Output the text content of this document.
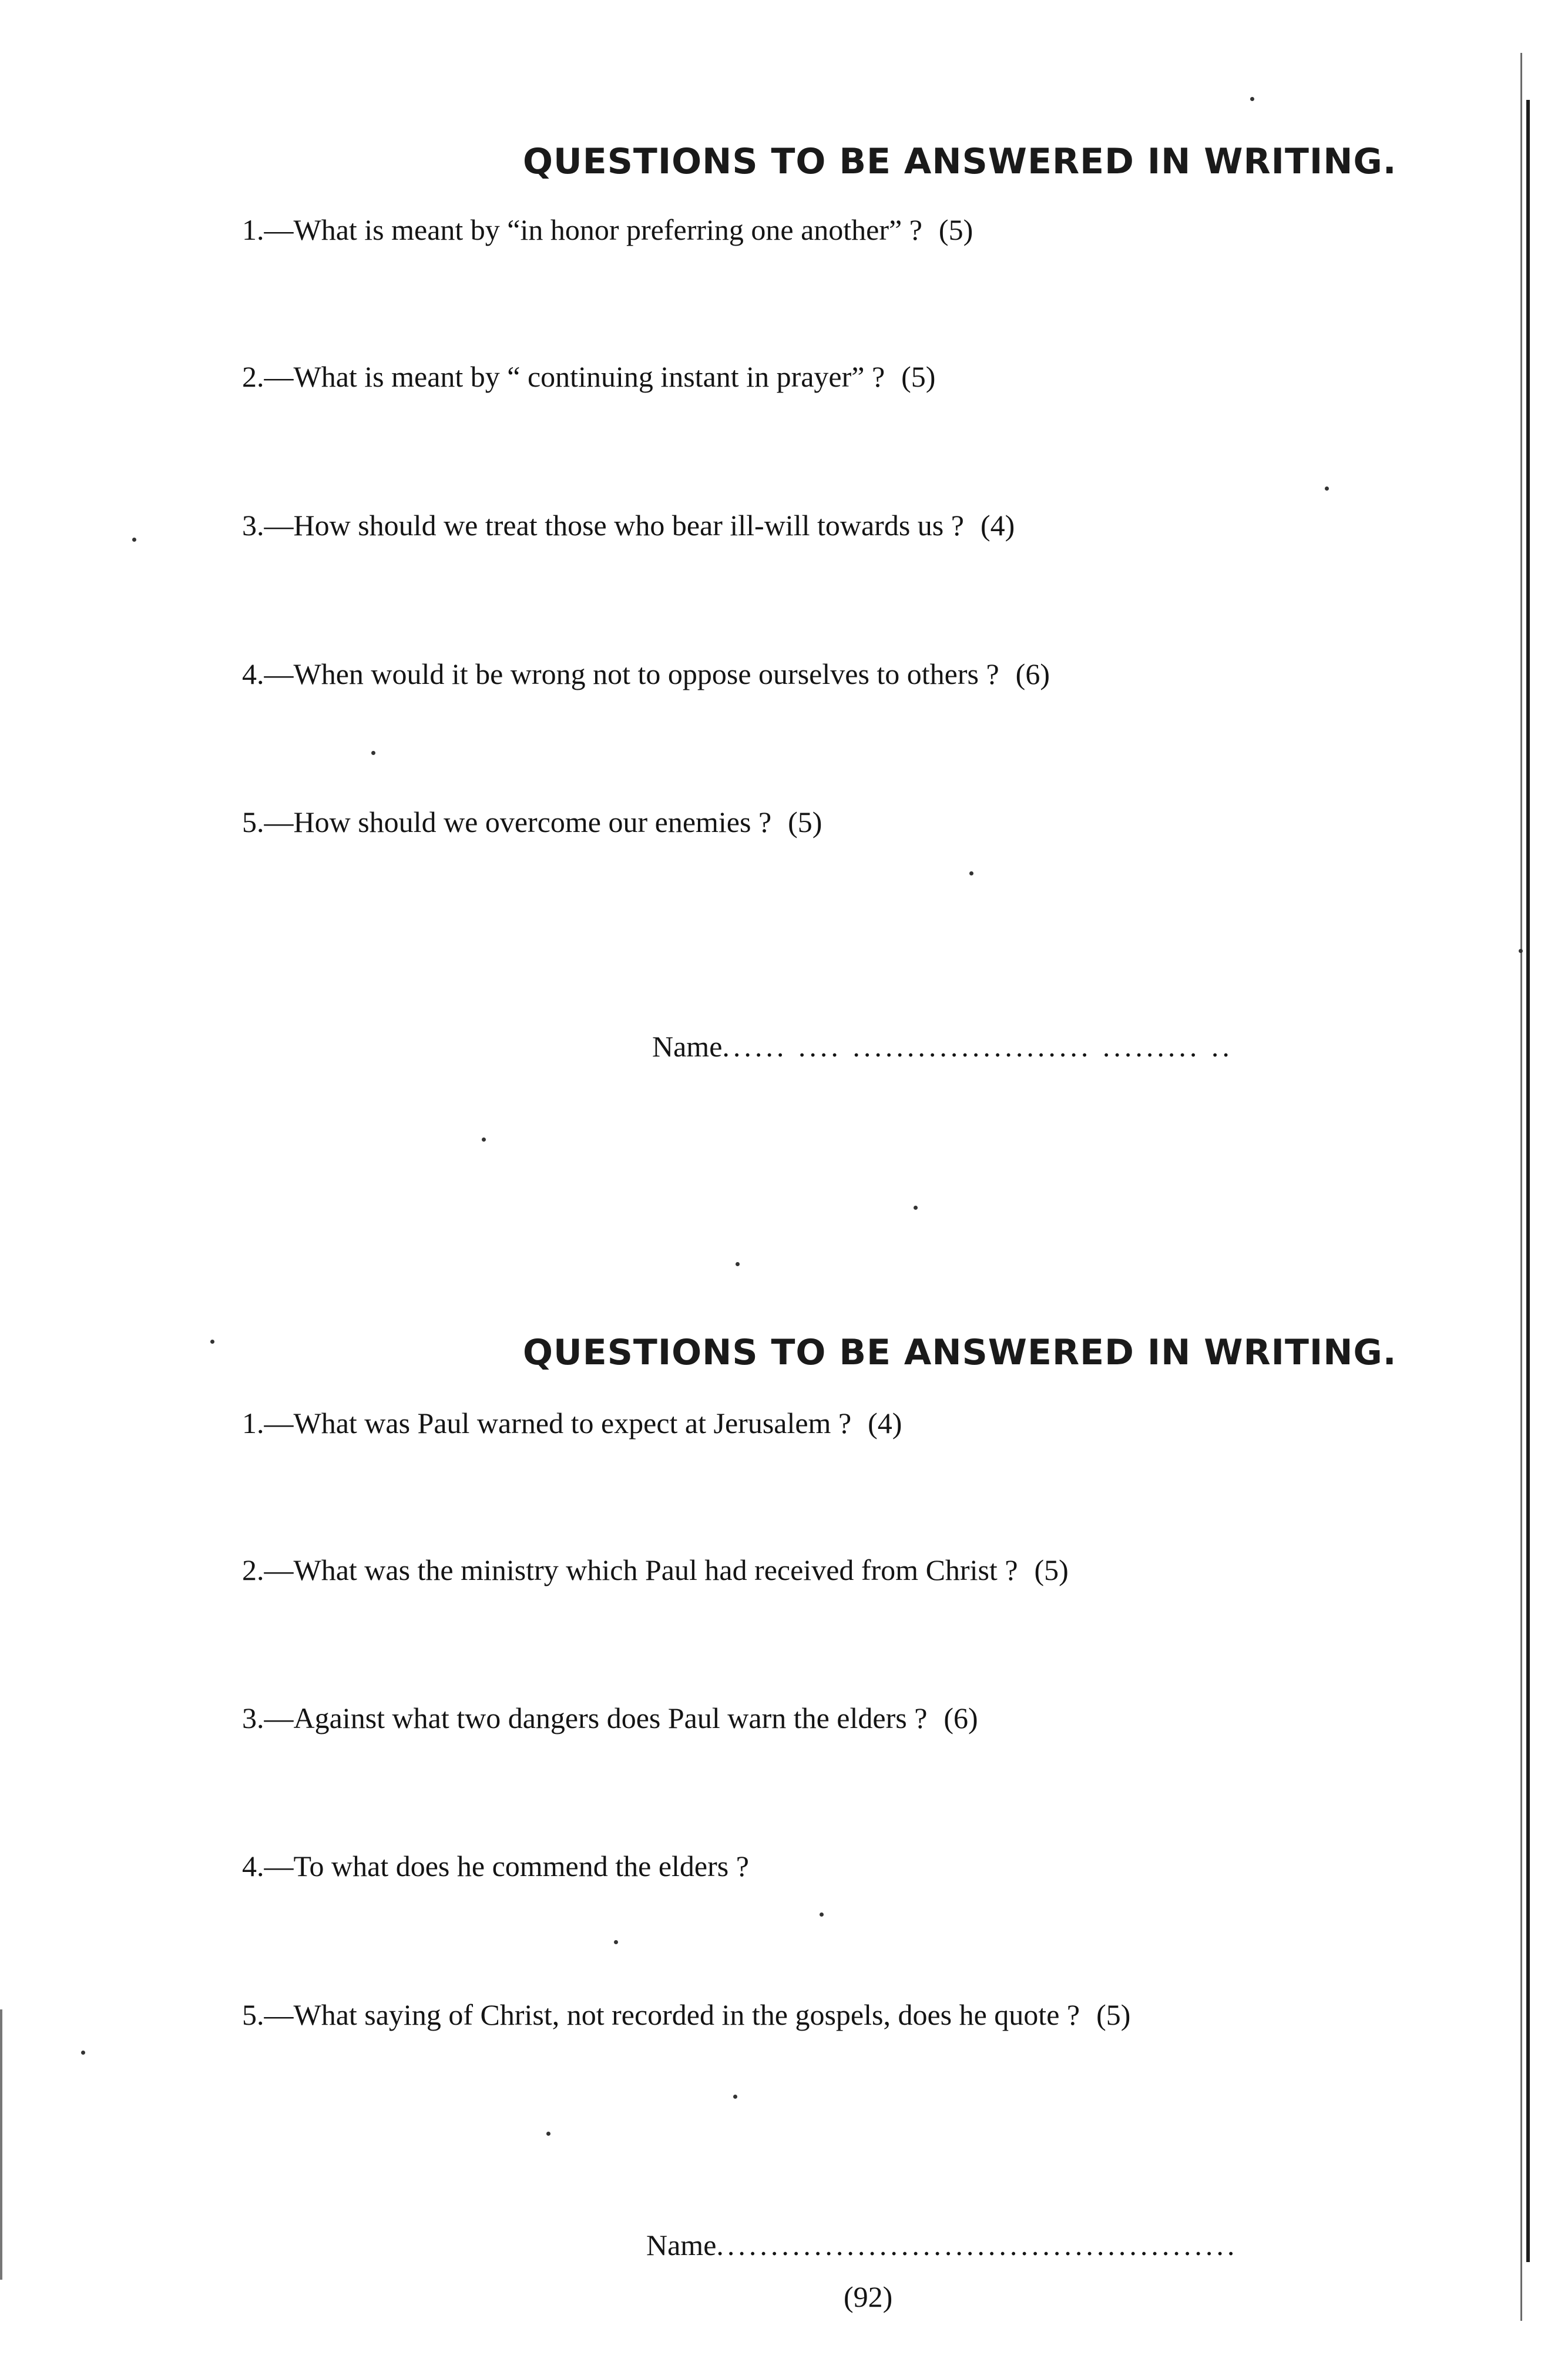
QUESTIONS TO BE ANSWERED IN WRITING.
1.—What is meant by “in honor preferring one another” ? (5)
2.—What is meant by “ continuing instant in prayer” ? (5)
3.—How should we treat those who bear ill-will towards us ? (4)
4.—When would it be wrong not to oppose ourselves to others ? (6)
5.—How should we overcome our enemies ? (5)
Name...... .... ...................... ......... ..
QUESTIONS TO BE ANSWERED IN WRITING.
1.—What was Paul warned to expect at Jerusalem ? (4)
2.—What was the ministry which Paul had received from Christ ? (5)
3.—Against what two dangers does Paul warn the elders ? (6)
4.—To what does he commend the elders ?
5.—What saying of Christ, not recorded in the gospels, does he quote ? (5)
Name................................................
(92)
